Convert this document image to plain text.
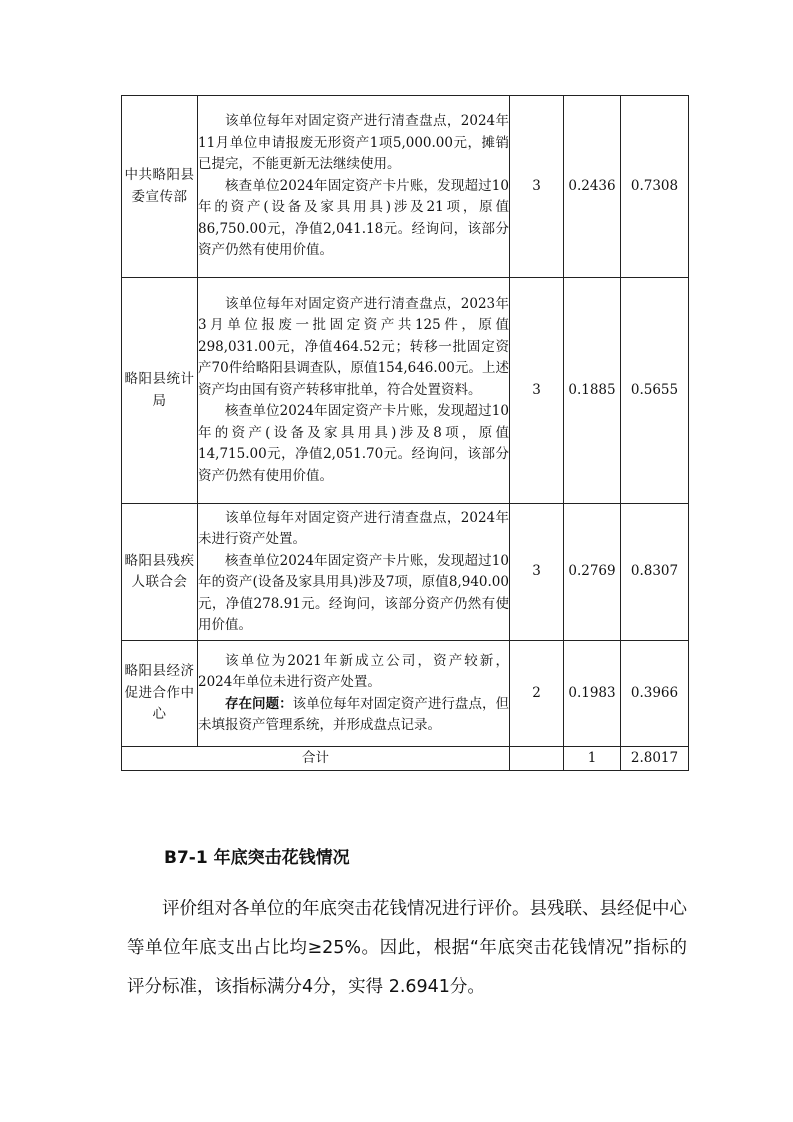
中共略阳县委宣传部	该单位每年对固定资产进行清查盘点，2024年11月单位申请报废无形资产1项5,000.00元，摊销已提完，不能更新无法继续使用。

核查单位2024年固定资产卡片账，发现超过10年的资产(设备及家具用具)涉及21项，原值86,750.00元，净值2,041.18元。经询问，该部分资产仍然有使用价值。	3	0.2436	0.7308
略阳县统计局	该单位每年对固定资产进行清查盘点，2023年3月单位报废一批固定资产共125件，原值298,031.00元，净值464.52元；转移一批固定资产70件给略阳县调查队，原值154,646.00元。上述资产均由国有资产转移审批单，符合处置资料。

核查单位2024年固定资产卡片账，发现超过10年的资产(设备及家具用具)涉及8项，原值14,715.00元，净值2,051.70元。经询问，该部分资产仍然有使用价值。	3	0.1885	0.5655
略阳县残疾人联合会	该单位每年对固定资产进行清查盘点，2024年未进行资产处置。

核查单位2024年固定资产卡片账，发现超过10年的资产(设备及家具用具)涉及7项，原值8,940.00元，净值278.91元。经询问，该部分资产仍然有使用价值。	3	0.2769	0.8307
略阳县经济促进合作中心	该单位为2021年新成立公司，资产较新，2024年单位未进行资产处置。

存在问题：该单位每年对固定资产进行盘点，但未填报资产管理系统，并形成盘点记录。	2	0.1983	0.3966
合计			1	2.8017
B7-1 年底突击花钱情况

评价组对各单位的年底突击花钱情况进行评价。县残联、县经促中心等单位年底支出占比均≥25%。因此，根据“年底突击花钱情况”指标的评分标准，该指标满分4分，实得 2.6941分。
